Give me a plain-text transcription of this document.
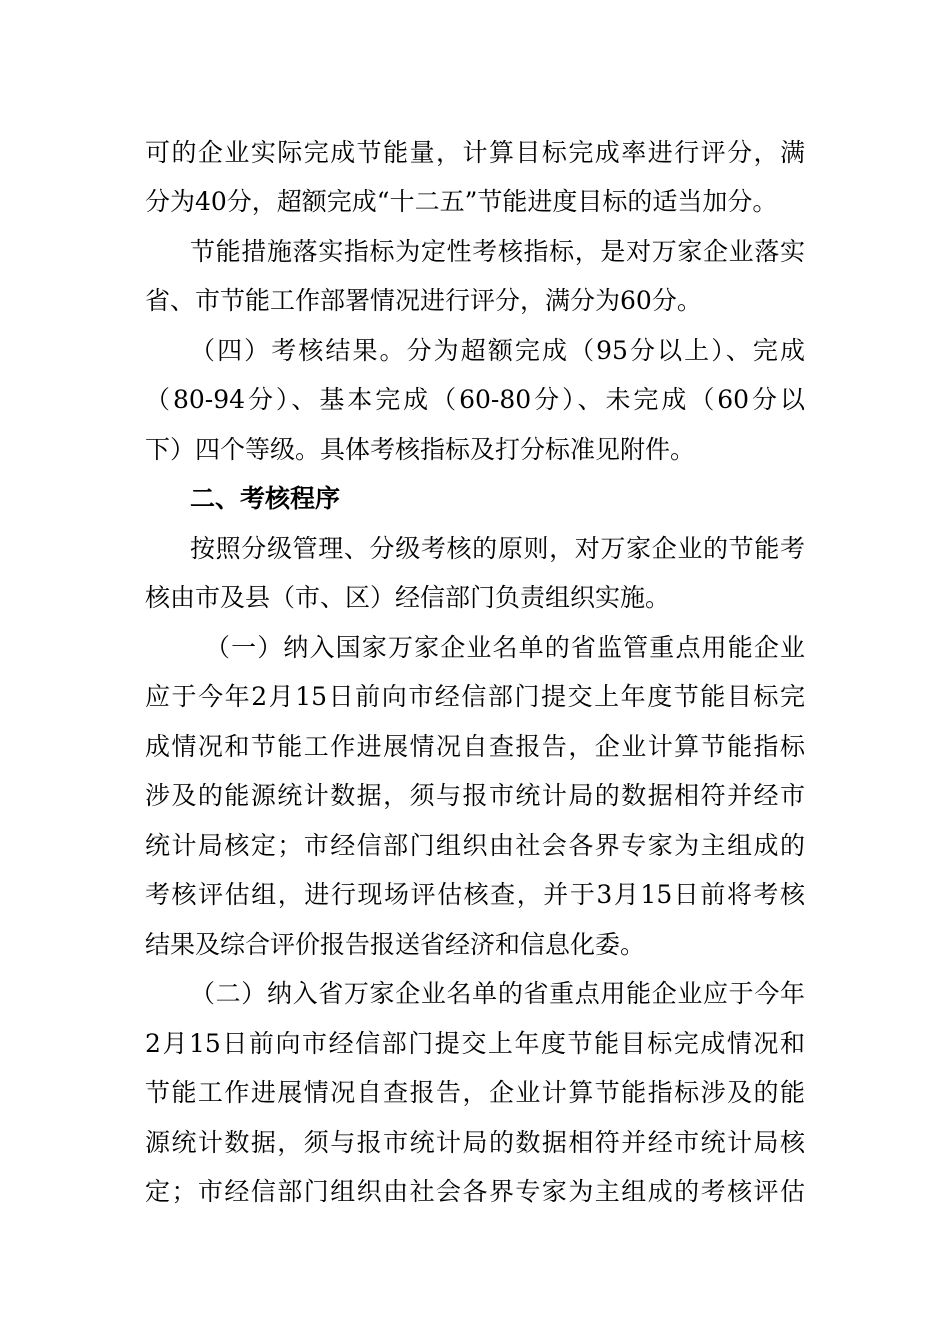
可的企业实际完成节能量，计算目标完成率进行评分，满
分为40分，超额完成“十二五”节能进度目标的适当加分。
节能措施落实指标为定性考核指标，是对万家企业落实
省、市节能工作部署情况进行评分，满分为60分。
（四）考核结果。分为超额完成（95分以上）、完成
（80-94分）、基本完成（60-80分）、未完成（60分以
下）四个等级。具体考核指标及打分标准见附件。
二、考核程序
按照分级管理、分级考核的原则，对万家企业的节能考
核由市及县（市、区）经信部门负责组织实施。
（一）纳入国家万家企业名单的省监管重点用能企业
应于今年2月15日前向市经信部门提交上年度节能目标完
成情况和节能工作进展情况自查报告，企业计算节能指标
涉及的能源统计数据，须与报市统计局的数据相符并经市
统计局核定；市经信部门组织由社会各界专家为主组成的
考核评估组，进行现场评估核查，并于3月15日前将考核
结果及综合评价报告报送省经济和信息化委。
（二）纳入省万家企业名单的省重点用能企业应于今年
2月15日前向市经信部门提交上年度节能目标完成情况和
节能工作进展情况自查报告，企业计算节能指标涉及的能
源统计数据，须与报市统计局的数据相符并经市统计局核
定；市经信部门组织由社会各界专家为主组成的考核评估
